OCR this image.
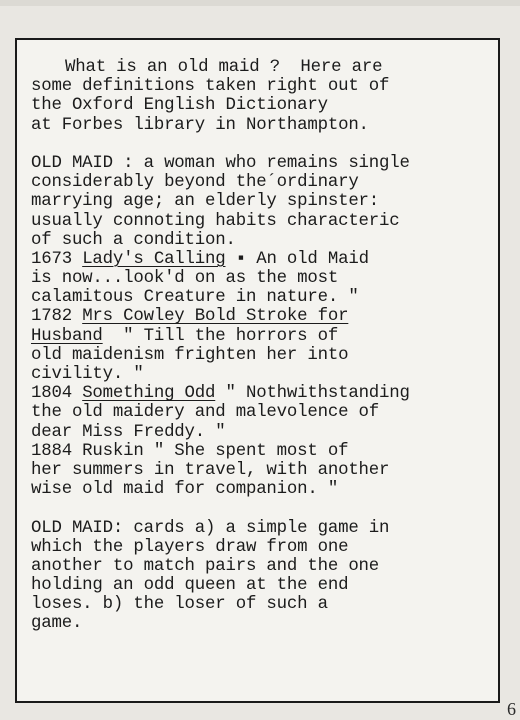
What is an old maid ?  Here are
some definitions taken right out of
the Oxford English Dictionary
at Forbes library in Northampton.
OLD MAID : a woman who remains single
considerably beyond the´ordinary
marrying age; an elderly spinster:
usually connoting habits characteric
of such a condition.
1673 Lady's Calling ▪ An old Maid
is now...look'd on as the most
calamitous Creature in nature. "
1782 Mrs Cowley Bold Stroke for
Husband  " Till the horrors of
old maidenism frighten her into
civility. "
1804 Something Odd " Nothwithstanding
the old maidery and malevolence of
dear Miss Freddy. "
1884 Ruskin " She spent most of
her summers in travel, with another
wise old maid for companion. "
OLD MAID: cards a) a simple game in
which the players draw from one
another to match pairs and the one
holding an odd queen at the end
loses. b) the loser of such a
game.
6
